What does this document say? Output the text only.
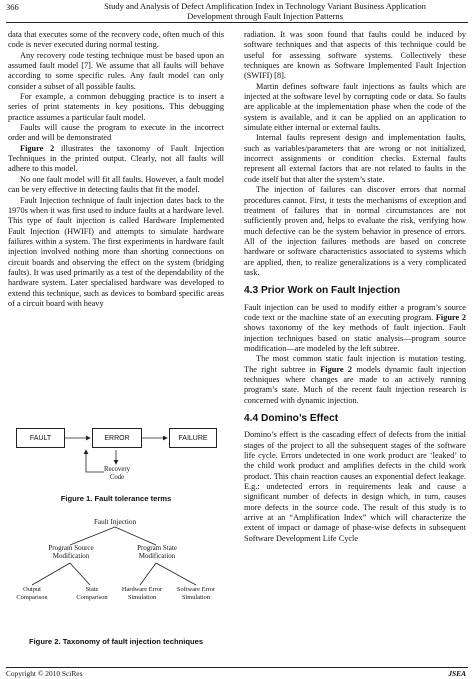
366	Study and Analysis of Defect Amplification Index in Technology Variant Business Application
Development through Fault Injection Patterns

data that executes some of the recovery code, often much of this code is never executed during normal testing.

Any recovery code testing technique must be based upon an assumed fault model [7]. We assume that all faults will behave according to some specific rules. Any fault model can only consider a subset of all possible faults.

For example, a common debugging practice is to insert a series of print statements in key positions. This debugging practice assumes a particular fault model.

Faults will cause the program to execute in the incorrect order and will be demonstrated

Figure 2 illustrates the taxonomy of Fault Injection Techniques in the printed output. Clearly, not all faults will adhere to this model.

No one fault model will fit all faults. However, a fault model can be very effective in detecting faults that fit the model.

Fault Injection technique of fault injection dates back to the 1970s when it was first used to induce faults at a hardware level. This type of fault injection is called Hardware Implemented Fault Injection (HWIFI) and attempts to simulate hardware failures within a system. The first experiments in hardware fault injection involved nothing more than shorting connections on circuit boards and observing the effect on the system (bridging faults). It was used primarily as a test of the dependability of the hardware system. Later specialised hardware was developed to extend this technique, such as devices to bombard specific areas of a circuit board with heavy

FAULT	ERROR	FAILURE
Recovery
Code
Figure 1. Fault tolerance terms
Fault Injection
Program Source
Modification
Program State
Modification
Output
Comparison
State
Comparison
Hardware Error
Simulation
Software Error
Simulation
Figure 2. Taxonomy of fault injection techniques

radiation. It was soon found that faults could be induced by software techniques and that aspects of this technique could be useful for assessing software systems. Collectively these techniques are known as Software Implemented Fault Injection (SWIFI) [8].

Martin defines software fault injections as faults which are injected at the software level by corrupting code or data. So faults are applicable at the implementation phase when the code of the system is available, and it can be applied on an application to simulate either internal or external faults.

Internal faults represent design and implementation faults, such as variables/parameters that are wrong or not initialized, incorrect assignments or condition checks. External faults represent all external factors that are not related to faults in the code itself but that alter the system’s state.

The injection of failures can discover errors that normal procedures cannot. First, it tests the mechanisms of exception and treatment of failures that in normal circumstances are not sufficiently proven and, helps to evaluate the risk, verifying how much defective can be the system behavior in presence of errors. All of the injection failures methods are based on concrete hardware or software characteristics associated to systems which are applied, then, to realize generalizations is a very complicated task.

4.3 Prior Work on Fault Injection

Fault injection can be used to modify either a program’s source code text or the machine state of an executing program. Figure 2 shows taxonomy of the key methods of fault injection. Fault injection techniques based on static analysis—program source modification—are modeled by the left subtree.

The most common static fault injection is mutation testing. The right subtree in Figure 2 models dynamic fault injection techniques where changes are made to an actively running program’s state. Much of the recent fault injection research is concerned with dynamic injection.

4.4 Domino’s Effect

Domino’s effect is the cascading effect of defects from the initial stages of the project to all the subsequent stages of the software life cycle. Errors undetected in one work product are ‘leaked’ to the child work product and amplifies defects in the child work product. This chain reaction causes an exponential defect leakage. E.g.: undetected errors in requirements leak and cause a significant number of defects in design which, in turn, causes more defects in the source code. The result of this study is to arrive at an “Amplification Index” which will characterize the extent of impact or damage of phase-wise defects in subsequent Software Development Life Cycle

Copyright © 2010 SciRes	JSEA
